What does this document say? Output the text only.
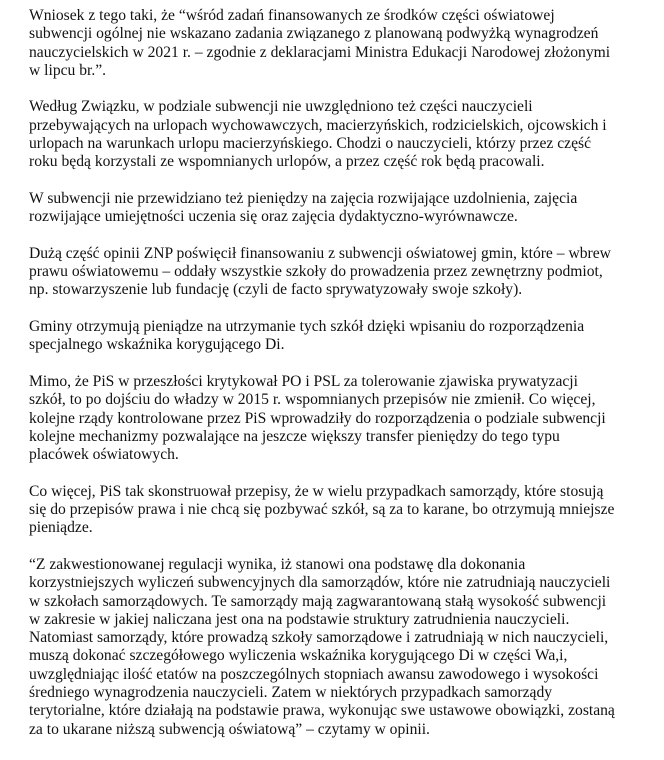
Wniosek z tego taki, że “wśród zadań finansowanych ze środków części oświatowej
subwencji ogólnej nie wskazano zadania związanego z planowaną podwyżką wynagrodzeń
nauczycielskich w 2021 r. – zgodnie z deklaracjami Ministra Edukacji Narodowej złożonymi
w lipcu br.”.

Według Związku, w podziale subwencji nie uwzględniono też części nauczycieli
przebywających na urlopach wychowawczych, macierzyńskich, rodzicielskich, ojcowskich i
urlopach na warunkach urlopu macierzyńskiego. Chodzi o nauczycieli, którzy przez część
roku będą korzystali ze wspomnianych urlopów, a przez część rok będą pracowali.

W subwencji nie przewidziano też pieniędzy na zajęcia rozwijające uzdolnienia, zajęcia
rozwijające umiejętności uczenia się oraz zajęcia dydaktyczno-wyrównawcze.

Dużą część opinii ZNP poświęcił finansowaniu z subwencji oświatowej gmin, które – wbrew
prawu oświatowemu – oddały wszystkie szkoły do prowadzenia przez zewnętrzny podmiot,
np. stowarzyszenie lub fundację (czyli de facto sprywatyzowały swoje szkoły).

Gminy otrzymują pieniądze na utrzymanie tych szkół dzięki wpisaniu do rozporządzenia
specjalnego wskaźnika korygującego Di.

Mimo, że PiS w przeszłości krytykował PO i PSL za tolerowanie zjawiska prywatyzacji
szkół, to po dojściu do władzy w 2015 r. wspomnianych przepisów nie zmienił. Co więcej,
kolejne rządy kontrolowane przez PiS wprowadziły do rozporządzenia o podziale subwencji
kolejne mechanizmy pozwalające na jeszcze większy transfer pieniędzy do tego typu
placówek oświatowych.

Co więcej, PiS tak skonstruował przepisy, że w wielu przypadkach samorządy, które stosują
się do przepisów prawa i nie chcą się pozbywać szkół, są za to karane, bo otrzymują mniejsze
pieniądze.

“Z zakwestionowanej regulacji wynika, iż stanowi ona podstawę dla dokonania
korzystniejszych wyliczeń subwencyjnych dla samorządów, które nie zatrudniają nauczycieli
w szkołach samorządowych. Te samorządy mają zagwarantowaną stałą wysokość subwencji
w zakresie w jakiej naliczana jest ona na podstawie struktury zatrudnienia nauczycieli.
Natomiast samorządy, które prowadzą szkoły samorządowe i zatrudniają w nich nauczycieli,
muszą dokonać szczegółowego wyliczenia wskaźnika korygującego Di w części Wa,i,
uwzględniając ilość etatów na poszczególnych stopniach awansu zawodowego i wysokości
średniego wynagrodzenia nauczycieli. Zatem w niektórych przypadkach samorządy
terytorialne, które działają na podstawie prawa, wykonując swe ustawowe obowiązki, zostaną
za to ukarane niższą subwencją oświatową” – czytamy w opinii.
